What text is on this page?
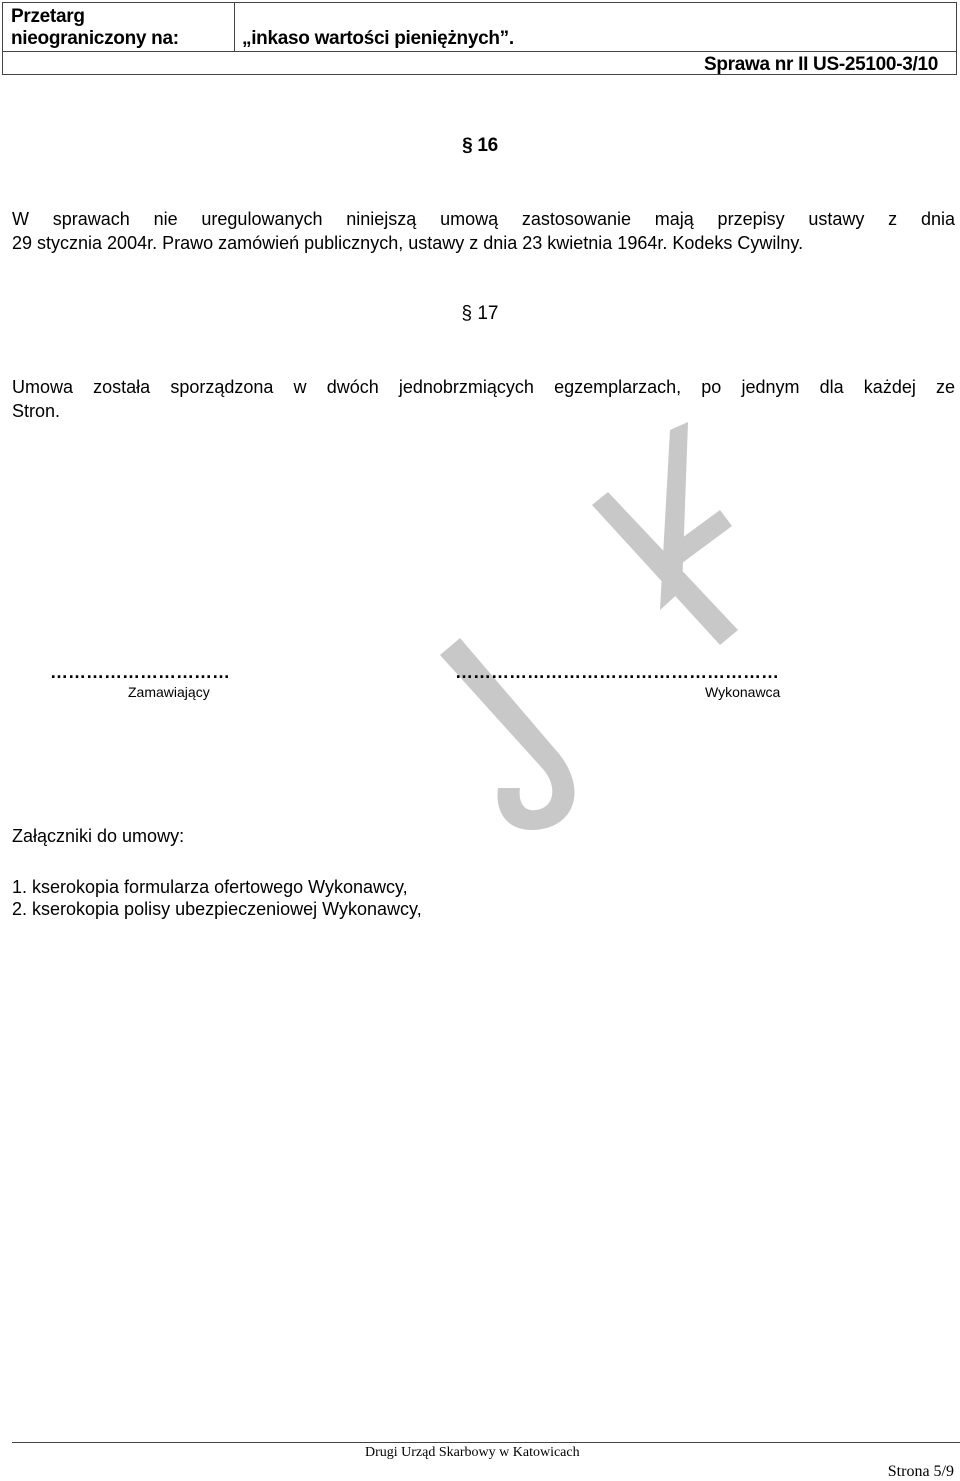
Przetarg
nieograniczony na:	„inkaso wartości pieniężnych”.
Sprawa nr II US-25100-3/10
§ 16
W sprawach nie uregulowanych niniejszą umową zastosowanie mają przepisy ustawy z dnia
29 stycznia 2004r. Prawo zamówień publicznych, ustawy z dnia 23 kwietnia 1964r. Kodeks Cywilny.
§ 17
Umowa została sporządzona w dwóch jednobrzmiących egzemplarzach, po jednym dla każdej ze
Stron.
…………………………
Zamawiający
………………………………………………
Wykonawca
Załączniki do umowy:
1. kserokopia formularza ofertowego Wykonawcy,
2. kserokopia polisy ubezpieczeniowej Wykonawcy,
Drugi Urząd Skarbowy w Katowicach
Strona 5/9
